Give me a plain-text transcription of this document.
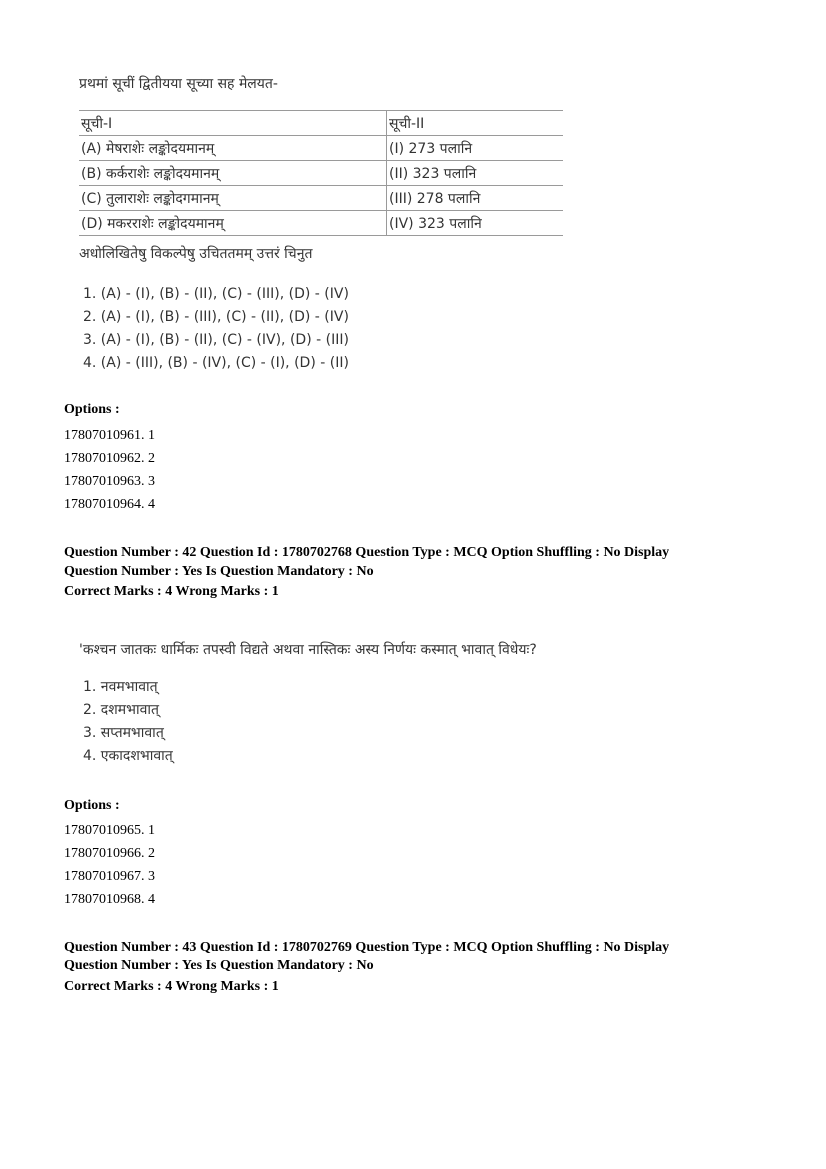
प्रथमां सूचीं द्वितीयया सूच्या सह मेलयत-
सूची-I	सूची-II
(A) मेषराशेः लङ्कोदयमानम्	(I) 273 पलानि
(B) कर्कराशेः लङ्कोदयमानम्	(II) 323 पलानि
(C) तुलाराशेः लङ्कोदगमानम्	(III) 278 पलानि
(D) मकरराशेः लङ्कोदयमानम्	(IV) 323 पलानि
अधोलिखितेषु विकल्पेषु उचिततमम् उत्तरं चिनुत
1. (A) - (I), (B) - (II), (C) - (III), (D) - (IV)
2. (A) - (I), (B) - (III), (C) - (II), (D) - (IV)
3. (A) - (I), (B) - (II), (C) - (IV), (D) - (III)
4. (A) - (III), (B) - (IV), (C) - (I), (D) - (II)
Options :
17807010961. 1
17807010962. 2
17807010963. 3
17807010964. 4
Question Number : 42 Question Id : 1780702768 Question Type : MCQ Option Shuffling : No Display
Question Number : Yes Is Question Mandatory : No
Correct Marks : 4 Wrong Marks : 1
'कश्चन जातकः धार्मिकः तपस्वी विद्यते अथवा नास्तिकः अस्य निर्णयः कस्मात् भावात् विधेयः?
1. नवमभावात्
2. दशमभावात्
3. सप्तमभावात्
4. एकादशभावात्
Options :
17807010965. 1
17807010966. 2
17807010967. 3
17807010968. 4
Question Number : 43 Question Id : 1780702769 Question Type : MCQ Option Shuffling : No Display
Question Number : Yes Is Question Mandatory : No
Correct Marks : 4 Wrong Marks : 1
